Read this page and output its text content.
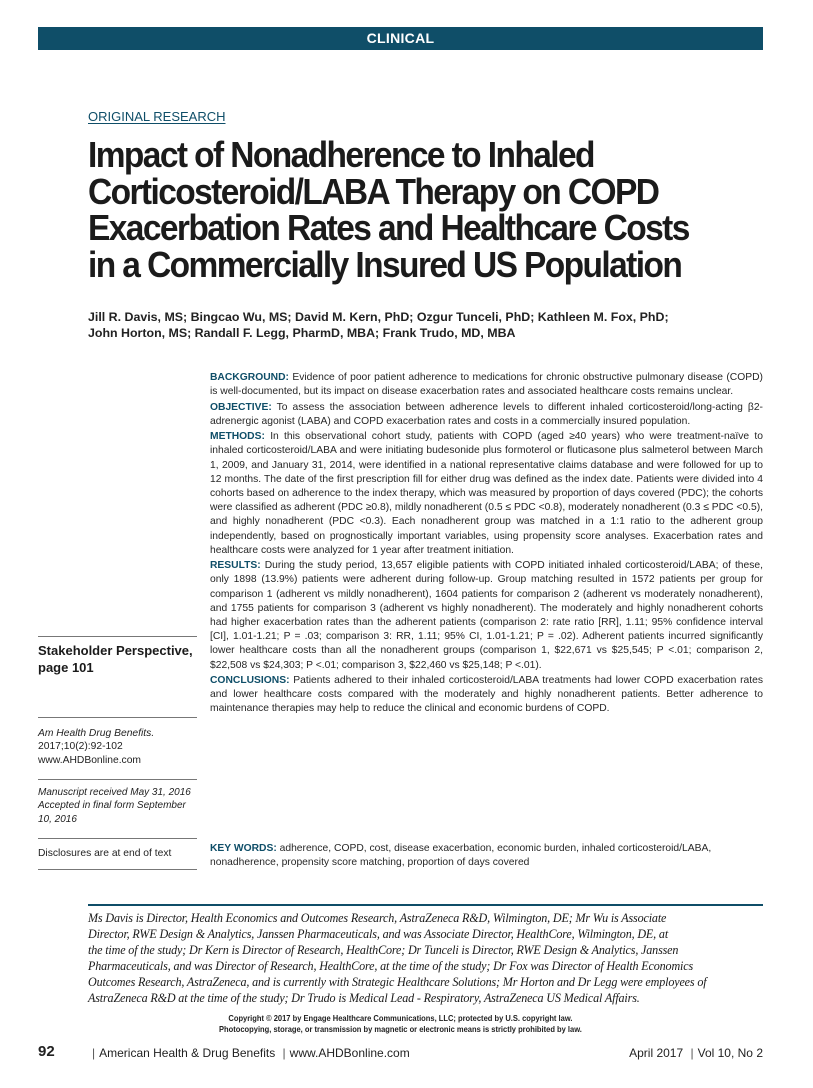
CLINICAL
ORIGINAL RESEARCH
Impact of Nonadherence to Inhaled
Corticosteroid/LABA Therapy on COPD
Exacerbation Rates and Healthcare Costs
in a Commercially Insured US Population
Jill R. Davis, MS; Bingcao Wu, MS; David M. Kern, PhD; Ozgur Tunceli, PhD; Kathleen M. Fox, PhD;
John Horton, MS; Randall F. Legg, PharmD, MBA; Frank Trudo, MD, MBA

BACKGROUND: Evidence of poor patient adherence to medications for chronic obstructive pulmonary disease (COPD) is well-documented, but its impact on disease exacerbation rates and associated healthcare costs remains unclear.

OBJECTIVE: To assess the association between adherence levels to different inhaled corticosteroid/long-acting β2-adrenergic agonist (LABA) and COPD exacerbation rates and costs in a commercially insured population.

METHODS: In this observational cohort study, patients with COPD (aged ≥40 years) who were treatment-naïve to inhaled corticosteroid/LABA and were initiating budesonide plus formoterol or fluticasone plus salmeterol between March 1, 2009, and January 31, 2014, were identified in a national representative claims database and were followed for up to 12 months. The date of the first prescription fill for either drug was defined as the index date. Patients were divided into 4 cohorts based on adherence to the index therapy, which was measured by proportion of days covered (PDC); the cohorts were classified as adherent (PDC ≥0.8), mildly nonadherent (0.5 ≤ PDC <0.8), moderately nonadherent (0.3 ≤ PDC <0.5), and highly nonadherent (PDC <0.3). Each nonadherent group was matched in a 1:1 ratio to the adherent group independently, based on prognostically important variables, using propensity score analyses. Exacerbation rates and healthcare costs were analyzed for 1 year after treatment initiation.

RESULTS: During the study period, 13,657 eligible patients with COPD initiated inhaled corticosteroid/LABA; of these, only 1898 (13.9%) patients were adherent during follow-up. Group matching resulted in 1572 patients per group for comparison 1 (adherent vs mildly nonadherent), 1604 patients for comparison 2 (adherent vs moderately nonadherent), and 1755 patients for comparison 3 (adherent vs highly nonadherent). The moderately and highly nonadherent cohorts had higher exacerbation rates than the adherent patients (comparison 2: rate ratio [RR], 1.11; 95% confidence interval [CI], 1.01-1.21; P = .03; comparison 3: RR, 1.11; 95% CI, 1.01-1.21; P = .02). Adherent patients incurred significantly lower healthcare costs than all the nonadherent groups (comparison 1, $22,671 vs $25,545; P <.01; comparison 2, $22,508 vs $24,303; P <.01; comparison 3, $22,460 vs $25,148; P <.01).

CONCLUSIONS: Patients adhered to their inhaled corticosteroid/LABA treatments had lower COPD exacerbation rates and lower healthcare costs compared with the moderately and highly nonadherent patients. Better adherence to maintenance therapies may help to reduce the clinical and economic burdens of COPD.

KEY WORDS: adherence, COPD, cost, disease exacerbation, economic burden, inhaled corticosteroid/LABA, nonadherence, propensity score matching, proportion of days covered
Stakeholder Perspective,
page 101
Am Health Drug Benefits.
2017;10(2):92-102
www.AHDBonline.com
Manuscript received May 31, 2016
Accepted in final form September 10, 2016
Disclosures are at end of text
Ms Davis is Director, Health Economics and Outcomes Research, AstraZeneca R&D, Wilmington, DE; Mr Wu is Associate
Director, RWE Design & Analytics, Janssen Pharmaceuticals, and was Associate Director, HealthCore, Wilmington, DE, at
the time of the study; Dr Kern is Director of Research, HealthCore; Dr Tunceli is Director, RWE Design & Analytics, Janssen
Pharmaceuticals, and was Director of Research, HealthCore, at the time of the study; Dr Fox was Director of Health Economics
Outcomes Research, AstraZeneca, and is currently with Strategic Healthcare Solutions; Mr Horton and Dr Legg were employees of
AstraZeneca R&D at the time of the study; Dr Trudo is Medical Lead - Respiratory, AstraZeneca US Medical Affairs.
Copyright © 2017 by Engage Healthcare Communications, LLC; protected by U.S. copyright law.
Photocopying, storage, or transmission by magnetic or electronic means is strictly prohibited by law.
92	| American Health & Drug Benefits | www.AHDBonline.com	April 2017 | Vol 10, No 2
